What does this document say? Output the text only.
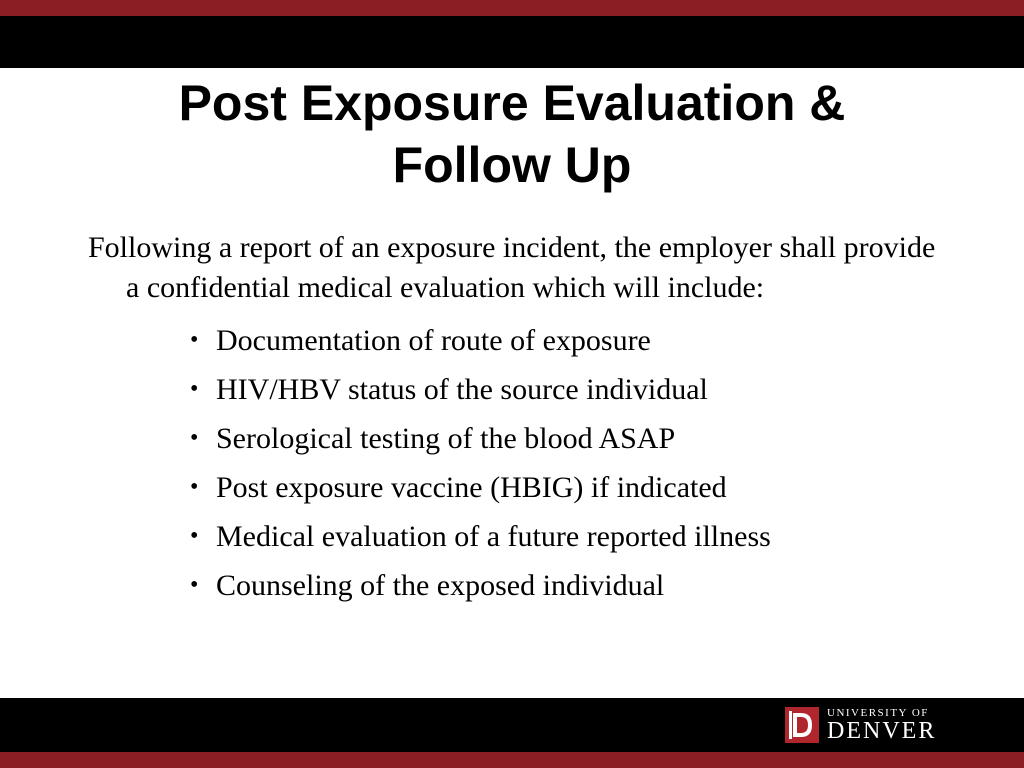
Post Exposure Evaluation &
Follow Up

Following a report of an exposure incident, the employer shall provide a confidential medical evaluation which will include:

• Documentation of route of exposure
• HIV/HBV status of the source individual
• Serological testing of the blood ASAP
• Post exposure vaccine (HBIG) if indicated
• Medical evaluation of a future reported illness
• Counseling of the exposed individual
UNIVERSITY OF
DENVER
